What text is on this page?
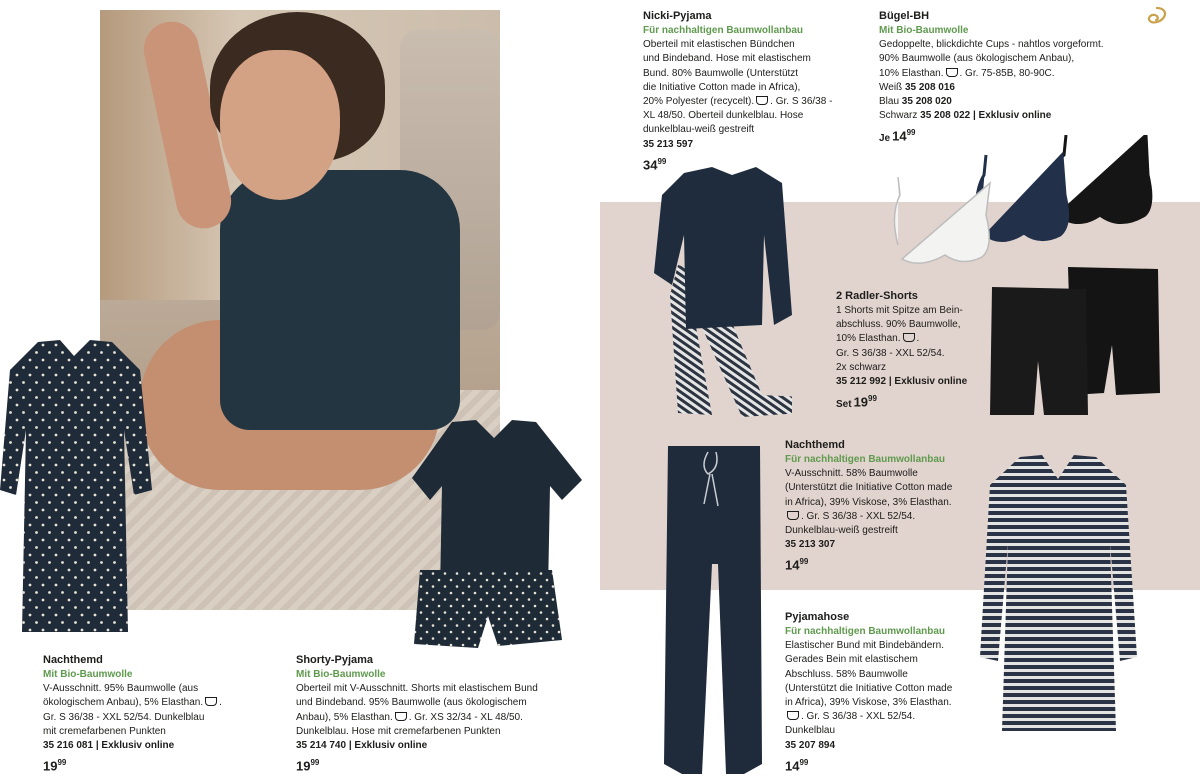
Nachthemd
Mit Bio-Baumwolle
V-Ausschnitt. 95% Baumwolle (aus
ökologischem Anbau), 5% Elasthan. .
Gr. S 36/38 - XXL 52/54. Dunkelblau
mit cremefarbenen Punkten
35 216 081 | Exklusiv online
$19^{99}$
Shorty-Pyjama
Mit Bio-Baumwolle
Oberteil mit V-Ausschnitt. Shorts mit elastischem Bund
und Bindeband. 95% Baumwolle (aus ökologischem
Anbau), 5% Elasthan. . Gr. XS 32/34 - XL 48/50.
Dunkelblau. Hose mit cremefarbenen Punkten
35 214 740 | Exklusiv online
$19^{99}$
Nicki-Pyjama
Für nachhaltigen Baumwollanbau
Oberteil mit elastischen Bündchen
und Bindeband. Hose mit elastischem
Bund. 80% Baumwolle (Unterstützt
die Initiative Cotton made in Africa),
20% Polyester (recycelt). . Gr. S 36/38 -
XL 48/50. Oberteil dunkelblau. Hose
dunkelblau-weiß gestreift
35 213 597
$34^{99}$
Bügel-BH
Mit Bio-Baumwolle
Gedoppelte, blickdichte Cups - nahtlos vorgeformt.
90% Baumwolle (aus ökologischem Anbau),
10% Elasthan. . Gr. 75-85B, 80-90C.
Weiß 35 208 016
Blau 35 208 020
Schwarz 35 208 022 | Exklusiv online
Je $14^{99}$
2 Radler-Shorts
1 Shorts mit Spitze am Bein-
abschluss. 90% Baumwolle,
10% Elasthan. .
Gr. S 36/38 - XXL 52/54.
2x schwarz
35 212 992 | Exklusiv online
Set $19^{99}$
Nachthemd
Für nachhaltigen Baumwollanbau
V-Ausschnitt. 58% Baumwolle
(Unterstützt die Initiative Cotton made
in Africa), 39% Viskose, 3% Elasthan.
. Gr. S 36/38 - XXL 52/54.
Dunkelblau-weiß gestreift
35 213 307
$14^{99}$
Pyjamahose
Für nachhaltigen Baumwollanbau
Elastischer Bund mit Bindebändern.
Gerades Bein mit elastischem
Abschluss. 58% Baumwolle
(Unterstützt die Initiative Cotton made
in Africa), 39% Viskose, 3% Elasthan.
. Gr. S 36/38 - XXL 52/54.
Dunkelblau
35 207 894
$14^{99}$
